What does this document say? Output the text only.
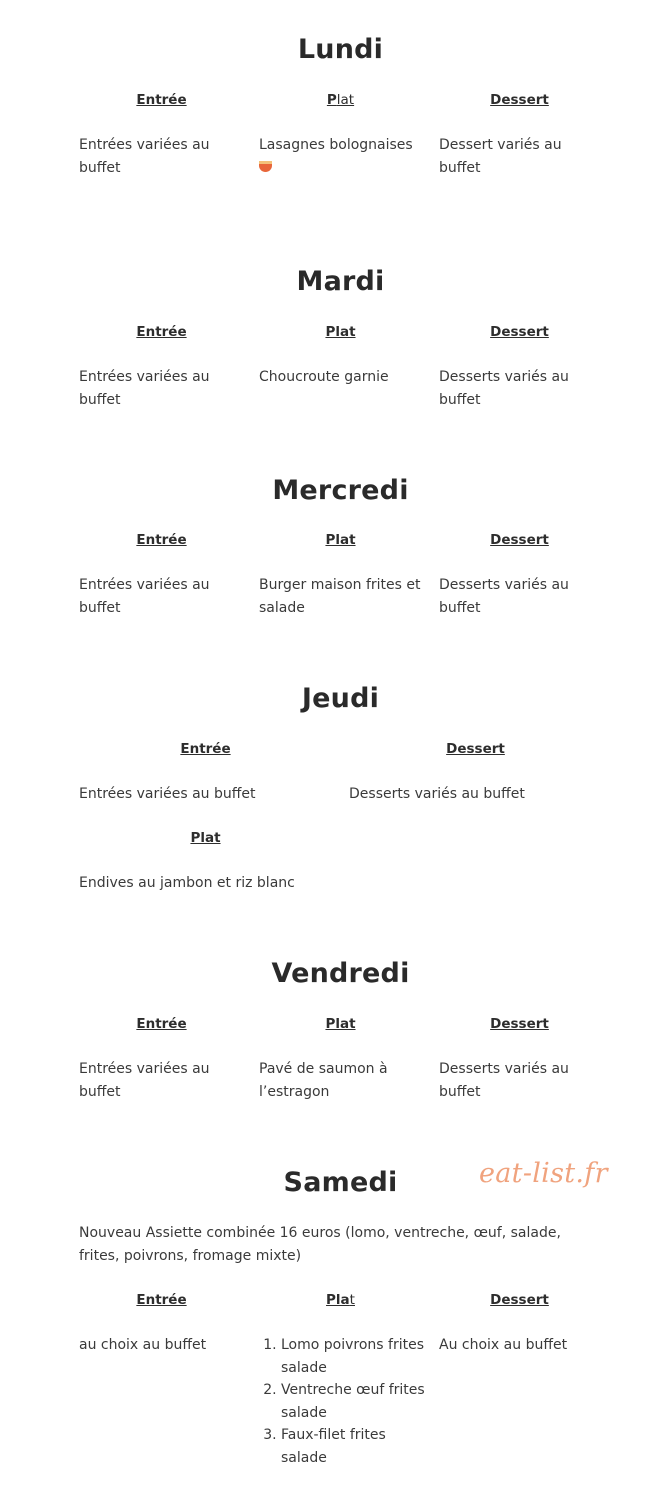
Lundi
Entrée	Plat	Dessert
Entrées variées au buffet
Lasagnes bolognaises	Dessert variés au buffet
Mardi
Entrée	Plat	Dessert
Entrées variées au buffet
Choucroute garnie	Desserts variés au buffet
Mercredi
Entrée	Plat	Dessert
Entrées variées au buffet
Burger maison frites et salade
Desserts variés au buffet
Jeudi
Entrée	Dessert
Entrées variées au buffet	Desserts variés au buffet
Plat
Endives au jambon et riz blanc
Vendredi
Entrée	Plat	Dessert
Entrées variées au buffet
Pavé de saumon à l’estragon
Desserts variés au buffet
Samedi
Nouveau Assiette combinée 16 euros (lomo, ventreche, œuf, salade, frites, poivrons, fromage mixte)
Entrée	Plat	Dessert
au choix au buffet
1.	Lomo poivrons frites salade
2. Ventreche œuf frites salade
3. Faux-filet frites salade
Au choix au buffet
eat-list.fr
